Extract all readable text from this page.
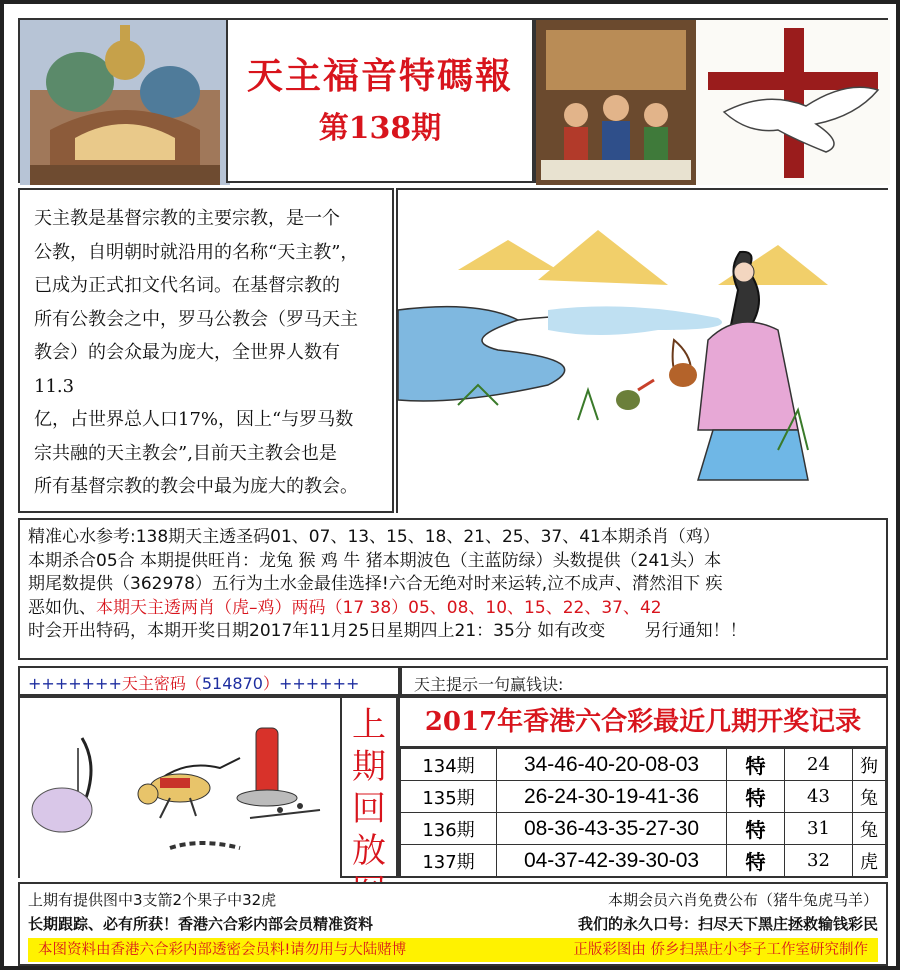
天主福音特碼報
第138期

天主教是基督宗教的主要宗教，是一个

公教，自明朝时就沿用的名称“天主教”，

已成为正式扣文代名词。在基督宗教的

所有公教会之中，罗马公教会（罗马天主

教会）的会众最为庞大，全世界人数有11.3

亿，占世界总人口17%，因上“与罗马数

宗共融的天主教会”,目前天主教会也是

所有基督宗教的教会中最为庞大的教会。

精准心水参考:138期天主透圣码01、07、13、15、18、21、25、37、41本期杀肖（鸡）

本期杀合05合 本期提供旺肖：龙兔 猴 鸡 牛 猪本期波色（主蓝防绿）头数提供（241头）本

期尾数提供（362978）五行为土水金最佳选择!六合无绝对时来运转,泣不成声、潸然泪下 疾

恶如仇、本期天主透两肖（虎–鸡）两码（17 38）05、08、10、15、22、37、42

时会开出特码，本期开奖日期2017年11月25日星期四上21：35分 如有改变 　　另行通知！！

+++++++天主密码（514870）++++++	天主提示一句赢钱诀:
上
期
回
放
2017年香港六合彩最近几期开奖记录
134期	34-46-40-20-08-03	特	24	狗
135期	26-24-30-19-41-36	特	43	兔
136期	08-36-43-35-27-30	特	31	兔
137期	04-37-42-39-30-03	特	32	虎
上期有提供图中3支箭2个果子中32虎	本期会员六肖免费公布（猪牛兔虎马羊）
长期跟踪、必有所获！香港六合彩内部会员精准资料	我们的永久口号：扫尽天下黑庄拯救输钱彩民
本图资料由香港六合彩内部透密会员料!请勿用与大陆赌博	正版彩图由 侨乡扫黑庄小李子工作室研究制作
